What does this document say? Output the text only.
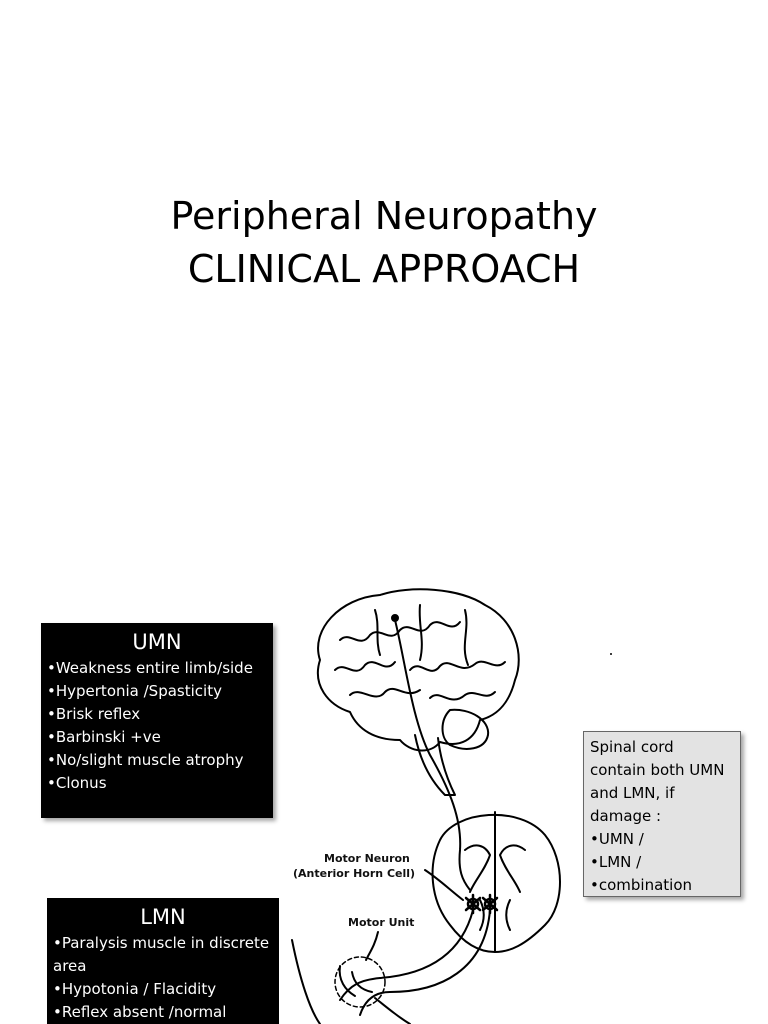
Peripheral Neuropathy
CLINICAL APPROACH
Motor Neuron
(Anterior Horn Cell)
Motor Unit
UMN
• Weakness entire limb/side
• Hypertonia /Spasticity
• Brisk reflex
• Barbinski +ve
• No/slight muscle atrophy
• Clonus
Spinal cord
contain both UMN
and LMN, if
damage :
• UMN /
• LMN /
• combination
LMN
• Paralysis muscle in discrete
area
• Hypotonia / Flacidity
• Reflex absent /normal
